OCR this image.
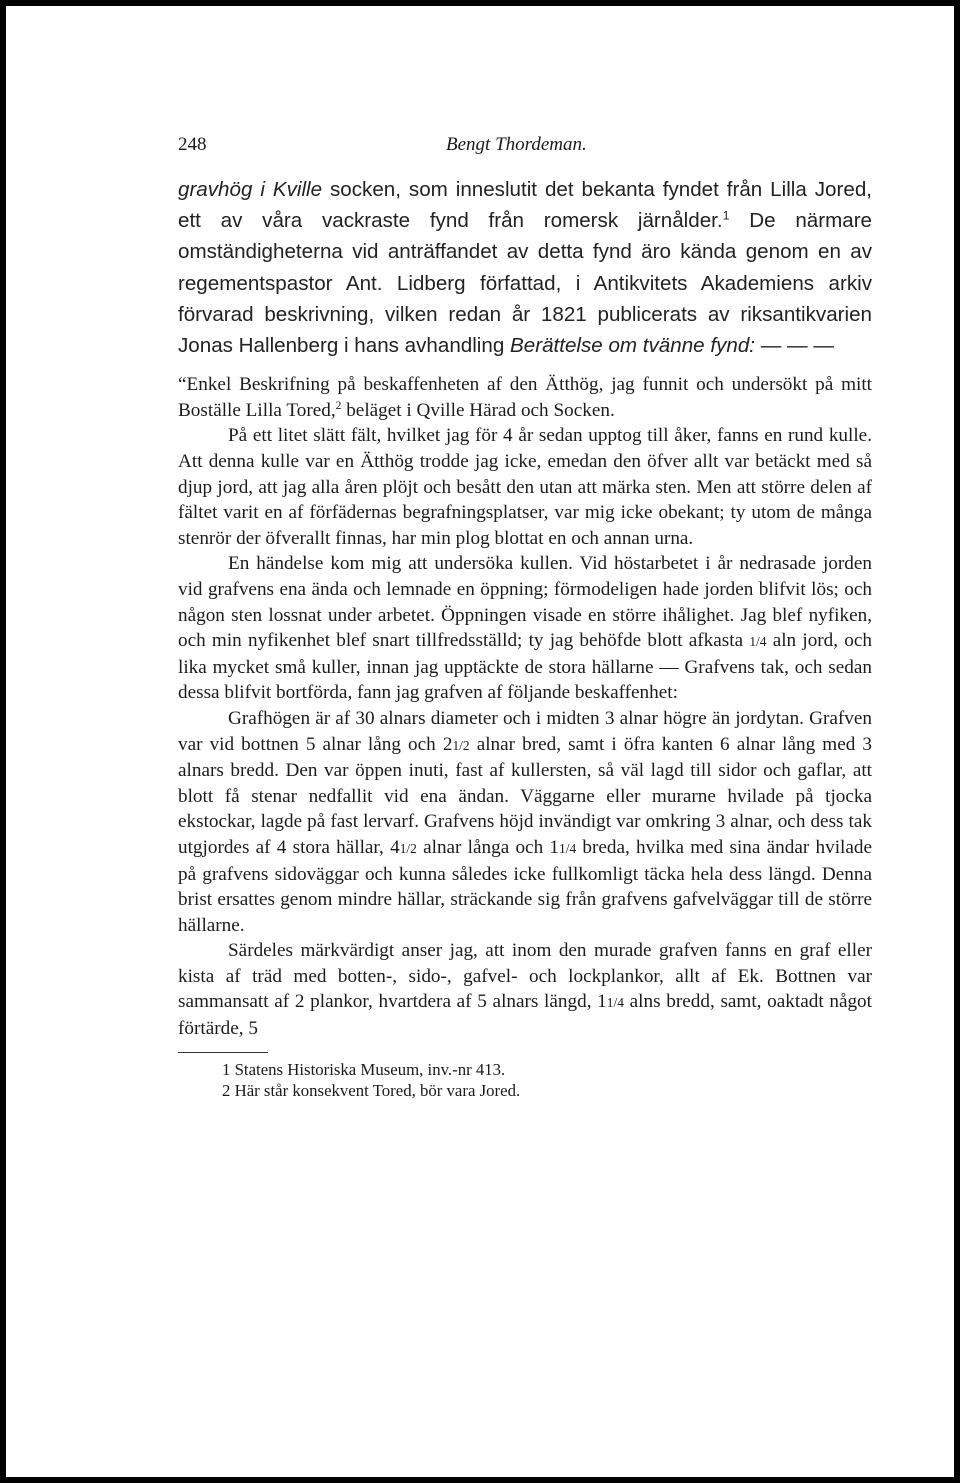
248	Bengt Thordeman.

gravhög i Kville socken, som inneslutit det bekanta fyndet från Lilla Jored, ett av våra vackraste fynd från romersk järnålder.$^1$ De närmare omständigheterna vid anträffandet av detta fynd äro kända genom en av regementspastor Ant. Lidberg författad, i Antikvitets Akademiens arkiv förvarad beskrivning, vilken redan år 1821 publicerats av riksantikvarien Jonas Hallenberg i hans avhandling Berättelse om tvänne fynd: — — —

“Enkel Beskrifning på beskaffenheten af den Ätthög, jag funnit och undersökt på mitt Boställe Lilla Tored,$^2$ beläget i Qville Härad och Socken.

På ett litet slätt fält, hvilket jag för 4 år sedan upptog till åker, fanns en rund kulle. Att denna kulle var en Ätthög trodde jag icke, emedan den öfver allt var betäckt med så djup jord, att jag alla åren plöjt och besått den utan att märka sten. Men att större delen af fältet varit en af förfädernas begrafningsplatser, var mig icke obekant; ty utom de många stenrör der öfverallt finnas, har min plog blottat en och annan urna.

En händelse kom mig att undersöka kullen. Vid höstarbetet i år nedrasade jorden vid grafvens ena ända och lemnade en öppning; förmodeligen hade jorden blifvit lös; och någon sten lossnat under arbetet. Öppningen visade en större ihålighet. Jag blef nyfiken, och min nyfikenhet blef snart tillfredsställd; ty jag behöfde blott afkasta 1/4 aln jord, och lika mycket små kuller, innan jag upptäckte de stora hällarne — Grafvens tak, och sedan dessa blifvit bortförda, fann jag grafven af följande beskaffenhet:

Grafhögen är af 30 alnars diameter och i midten 3 alnar högre än jordytan. Grafven var vid bottnen 5 alnar lång och 21/2 alnar bred, samt i öfra kanten 6 alnar lång med 3 alnars bredd. Den var öppen inuti, fast af kullersten, så väl lagd till sidor och gaflar, att blott få stenar nedfallit vid ena ändan. Väggarne eller murarne hvilade på tjocka ekstockar, lagde på fast lervarf. Grafvens höjd invändigt var omkring 3 alnar, och dess tak utgjordes af 4 stora hällar, 41/2 alnar långa och 11/4 breda, hvilka med sina ändar hvilade på grafvens sidoväggar och kunna således icke fullkomligt täcka hela dess längd. Denna brist ersattes genom mindre hällar, sträckande sig från grafvens gafvelväggar till de större hällarne.

Särdeles märkvärdigt anser jag, att inom den murade grafven fanns en graf eller kista af träd med botten-, sido-, gafvel- och lockplankor, allt af Ek. Bottnen var sammansatt af 2 plankor, hvartdera af 5 alnars längd, 11/4 alns bredd, samt, oaktadt något förtärde, 5

1 Statens Historiska Museum, inv.-nr 413.
2 Här står konsekvent Tored, bör vara Jored.
